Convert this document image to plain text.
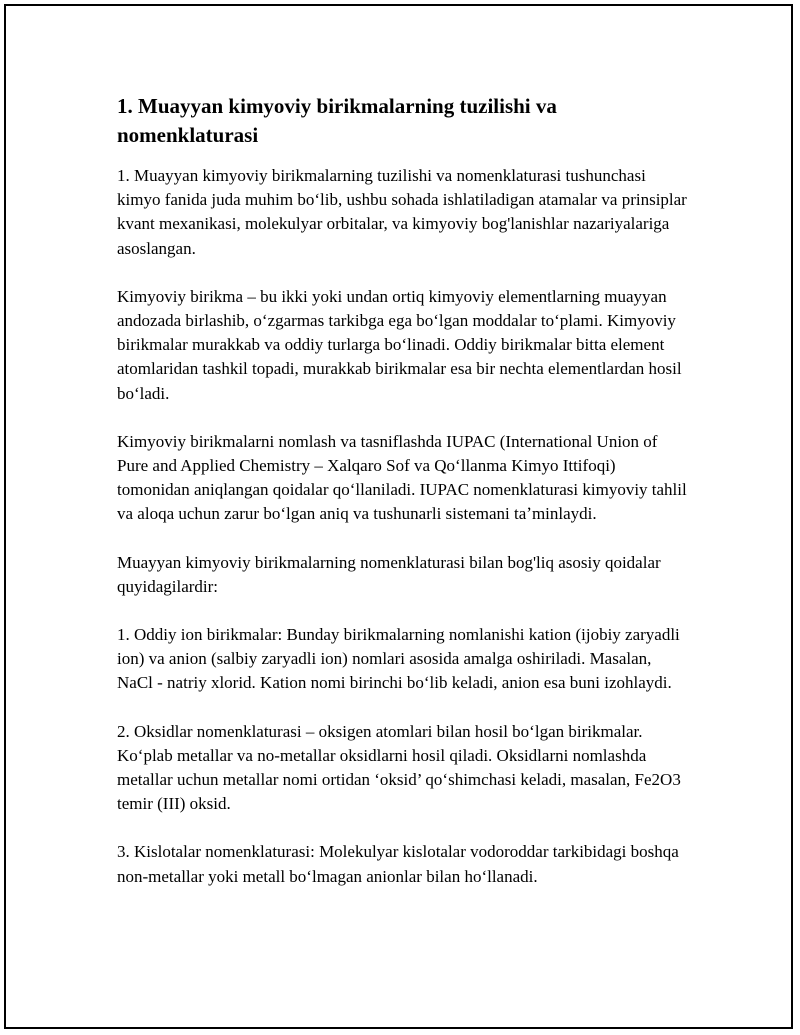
1. Muayyan kimyoviy birikmalarning tuzilishi va nomenklaturasi

1. Muayyan kimyoviy birikmalarning tuzilishi va nomenklaturasi tushunchasi kimyo fanida juda muhim boʻlib, ushbu sohada ishlatiladigan atamalar va prinsiplar kvant mexanikasi, molekulyar orbitalar, va kimyoviy bog'lanishlar nazariyalariga asoslangan.

Kimyoviy birikma – bu ikki yoki undan ortiq kimyoviy elementlarning muayyan andozada birlashib, oʻzgarmas tarkibga ega boʻlgan moddalar toʻplami. Kimyoviy birikmalar murakkab va oddiy turlarga boʻlinadi. Oddiy birikmalar bitta element atomlaridan tashkil topadi, murakkab birikmalar esa bir nechta elementlardan hosil boʻladi.

Kimyoviy birikmalarni nomlash va tasniflashda IUPAC (International Union of Pure and Applied Chemistry – Xalqaro Sof va Qoʻllanma Kimyo Ittifoqi) tomonidan aniqlangan qoidalar qoʻllaniladi. IUPAC nomenklaturasi kimyoviy tahlil va aloqa uchun zarur boʻlgan aniq va tushunarli sistemani taʼminlaydi.

Muayyan kimyoviy birikmalarning nomenklaturasi bilan bog'liq asosiy qoidalar quyidagilardir:

1. Oddiy ion birikmalar: Bunday birikmalarning nomlanishi kation (ijobiy zaryadli ion) va anion (salbiy zaryadli ion) nomlari asosida amalga oshiriladi. Masalan, NaCl - natriy xlorid. Kation nomi birinchi boʻlib keladi, anion esa buni izohlaydi.

2. Oksidlar nomenklaturasi – oksigen atomlari bilan hosil boʻlgan birikmalar. Koʻplab metallar va no-metallar oksidlarni hosil qiladi. Oksidlarni nomlashda metallar uchun metallar nomi ortidan ‘oksid’ qoʻshimchasi keladi, masalan, Fe2O3 temir (III) oksid.

3. Kislotalar nomenklaturasi: Molekulyar kislotalar vodoroddar tarkibidagi boshqa non-metallar yoki metall boʻlmagan anionlar bilan hoʻllanadi.
